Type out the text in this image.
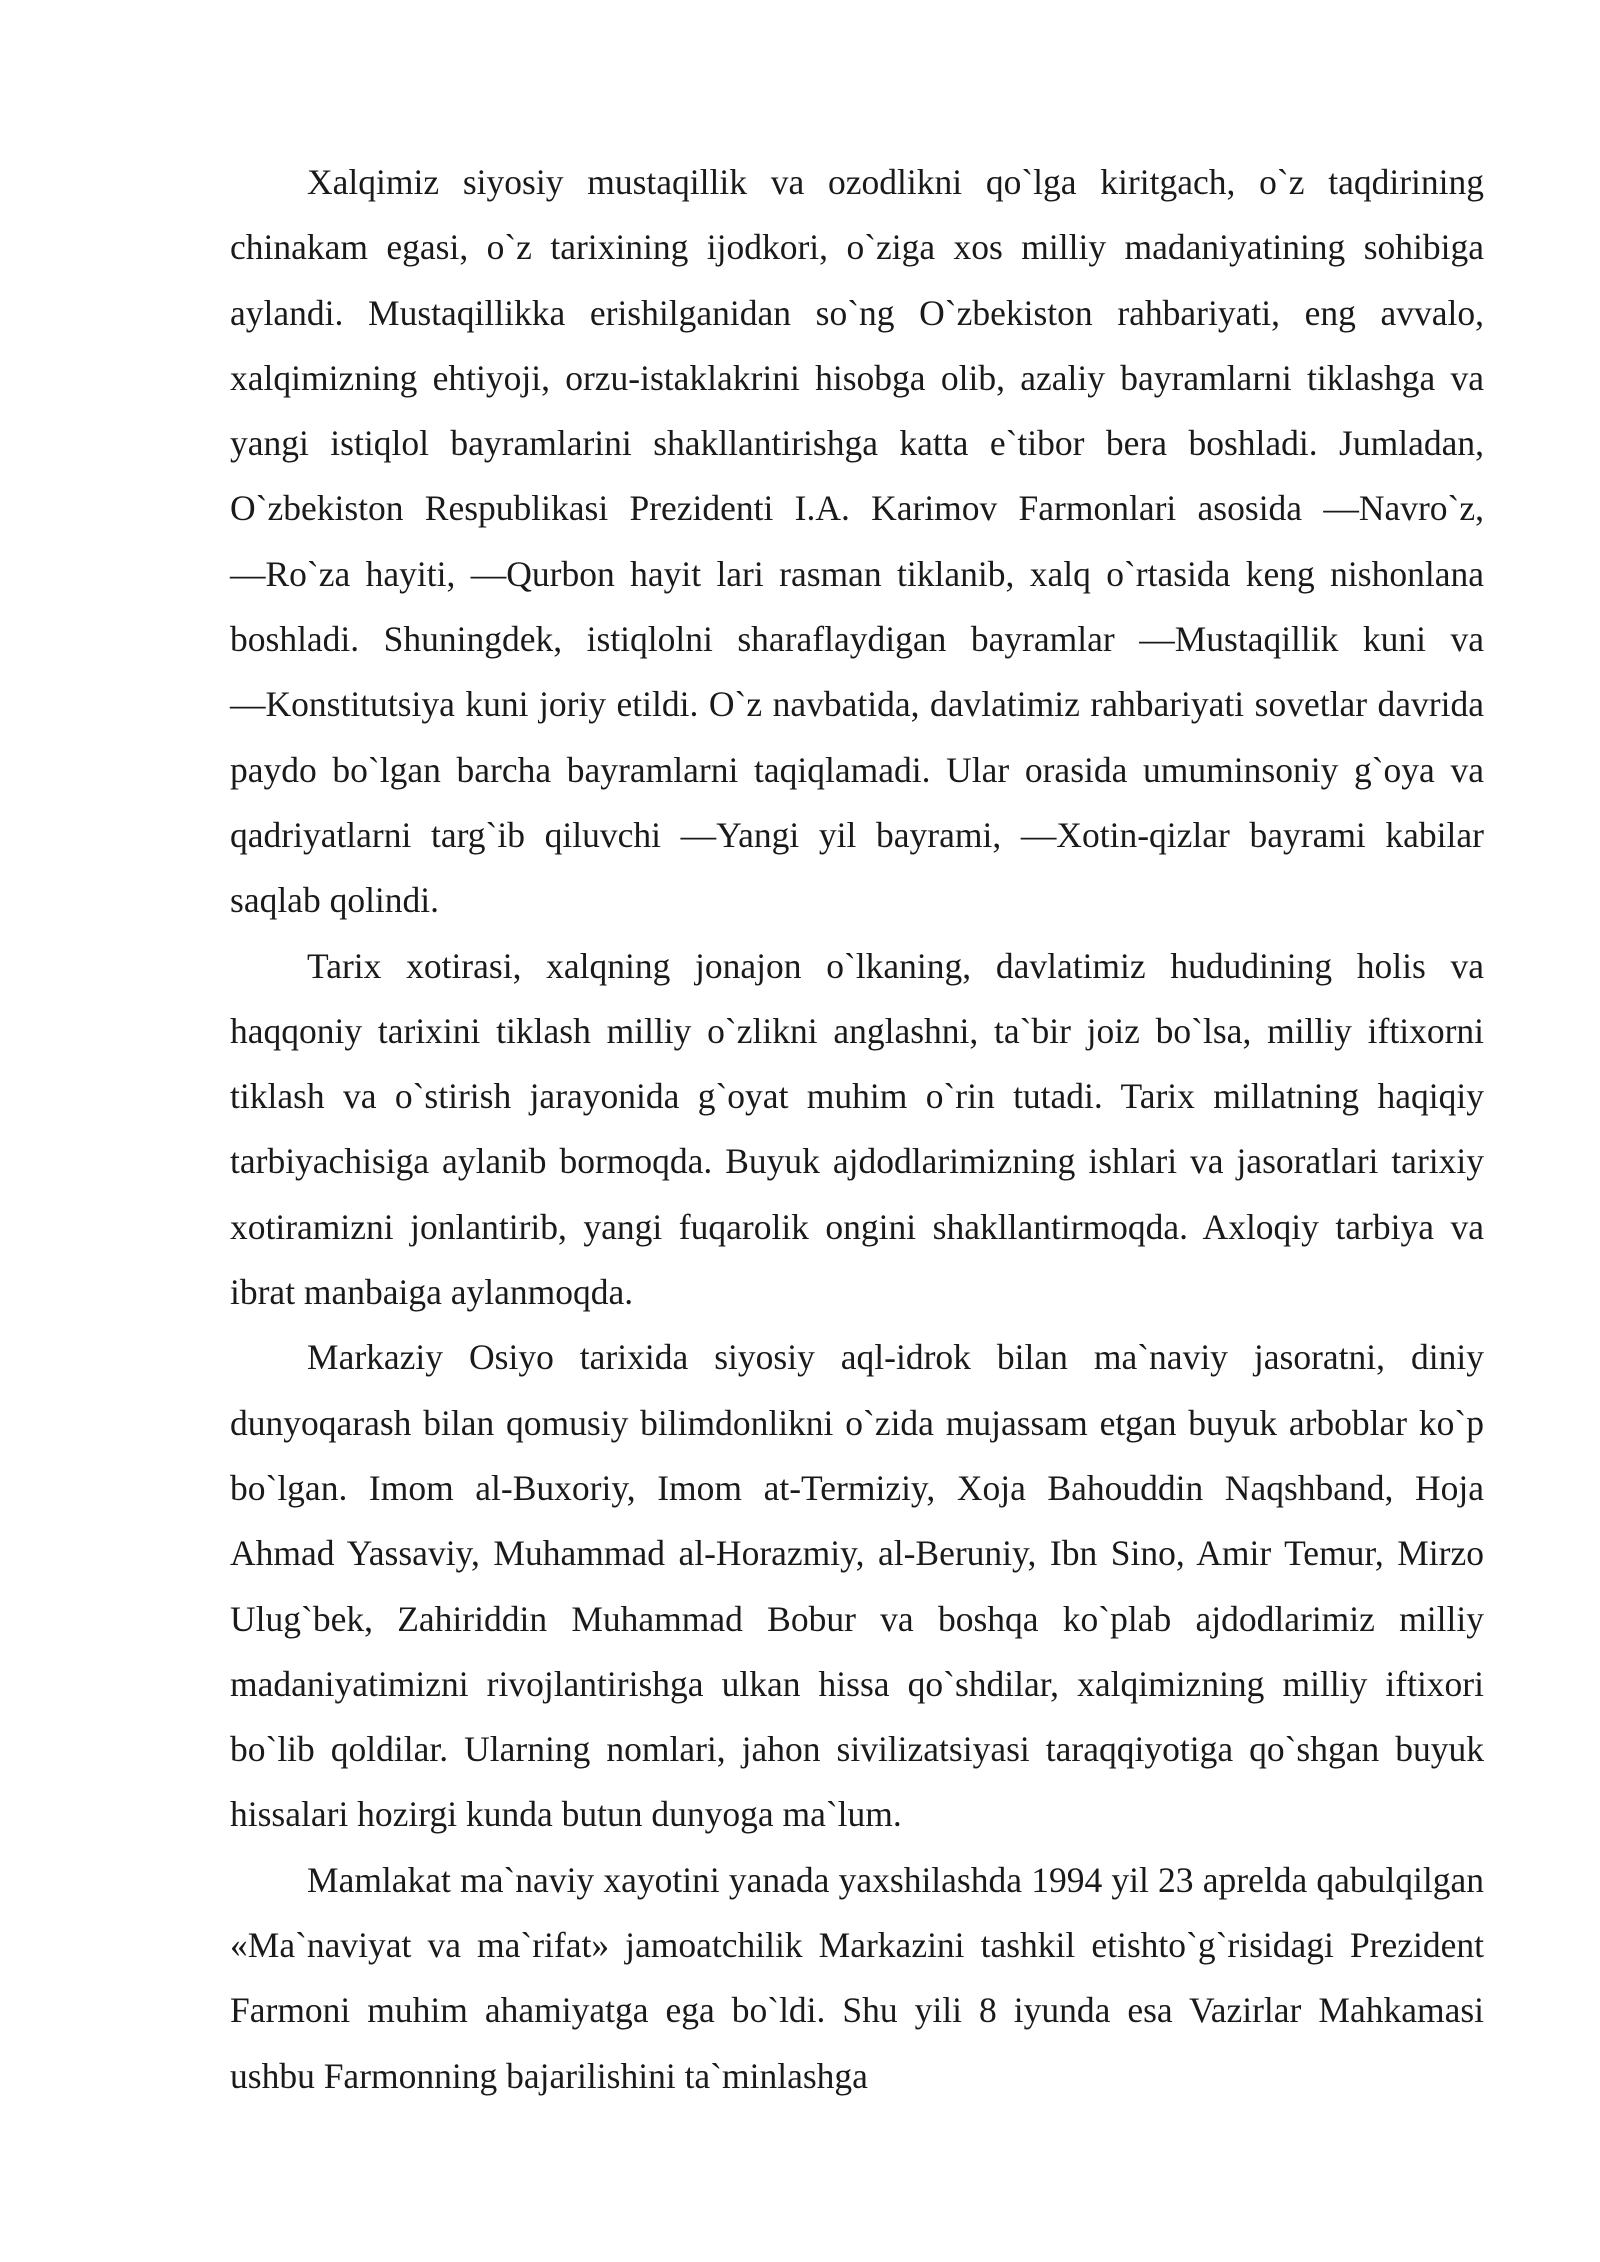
Xalqimiz siyosiy mustaqillik va ozodlikni qo`lga kiritgach, o`z taqdirining chinakam egasi, o`z tarixining ijodkori, o`ziga xos milliy madaniyatining sohibiga aylandi. Mustaqillikka erishilganidan so`ng O`zbekiston rahbariyati, eng avvalo, xalqimizning ehtiyoji, orzu-istaklakrini hisobga olib, azaliy bayramlarni tiklashga va yangi istiqlol bayramlarini shakllantirishga katta e`tibor bera boshladi. Jumladan, O`zbekiston Respublikasi Prezidenti I.A. Karimov Farmonlari asosida ―Navro`z, ―Ro`za hayiti, ―Qurbon hayit lari rasman tiklanib, xalq o`rtasida keng nishonlana boshladi. Shuningdek, istiqlolni sharaflaydigan bayramlar ―Mustaqillik kuni va ―Konstitutsiya kuni joriy etildi. O`z navbatida, davlatimiz rahbariyati sovetlar davrida paydo bo`lgan barcha bayramlarni taqiqlamadi. Ular orasida umuminsoniy g`oya va qadriyatlarni targ`ib qiluvchi ―Yangi yil bayrami, ―Xotin-qizlar bayrami kabilar saqlab qolindi.

Tarix xotirasi, xalqning jonajon o`lkaning, davlatimiz hududining holis va haqqoniy tarixini tiklash milliy o`zlikni anglashni, ta`bir joiz bo`lsa, milliy iftixorni tiklash va o`stirish jarayonida g`oyat muhim o`rin tutadi. Tarix millatning haqiqiy tarbiyachisiga aylanib bormoqda. Buyuk ajdodlarimizning ishlari va jasoratlari tarixiy xotiramizni jonlantirib, yangi fuqarolik ongini shakllantirmoqda. Axloqiy tarbiya va ibrat manbaiga aylanmoqda.

Markaziy Osiyo tarixida siyosiy aql-idrok bilan ma`naviy jasoratni, diniy dunyoqarash bilan qomusiy bilimdonlikni o`zida mujassam etgan buyuk arboblar ko`p bo`lgan. Imom al-Buxoriy, Imom at-Termiziy, Xoja Bahouddin Naqshband, Hoja Ahmad Yassaviy, Muhammad al-Horazmiy, al-Beruniy, Ibn Sino, Amir Temur, Mirzo Ulug`bek, Zahiriddin Muhammad Bobur va boshqa ko`plab ajdodlarimiz milliy madaniyatimizni rivojlantirishga ulkan hissa qo`shdilar, xalqimizning milliy iftixori bo`lib qoldilar. Ularning nomlari, jahon sivilizatsiyasi taraqqiyotiga qo`shgan buyuk hissalari hozirgi kunda butun dunyoga ma`lum.

Mamlakat ma`naviy xayotini yanada yaxshilashda 1994 yil 23 aprelda qabulqilgan «Ma`naviyat va ma`rifat» jamoatchilik Markazini tashkil etishto`g`risidagi Prezident Farmoni muhim ahamiyatga ega bo`ldi. Shu yili 8 iyunda esa Vazirlar Mahkamasi ushbu Farmonning bajarilishini ta`minlashga
